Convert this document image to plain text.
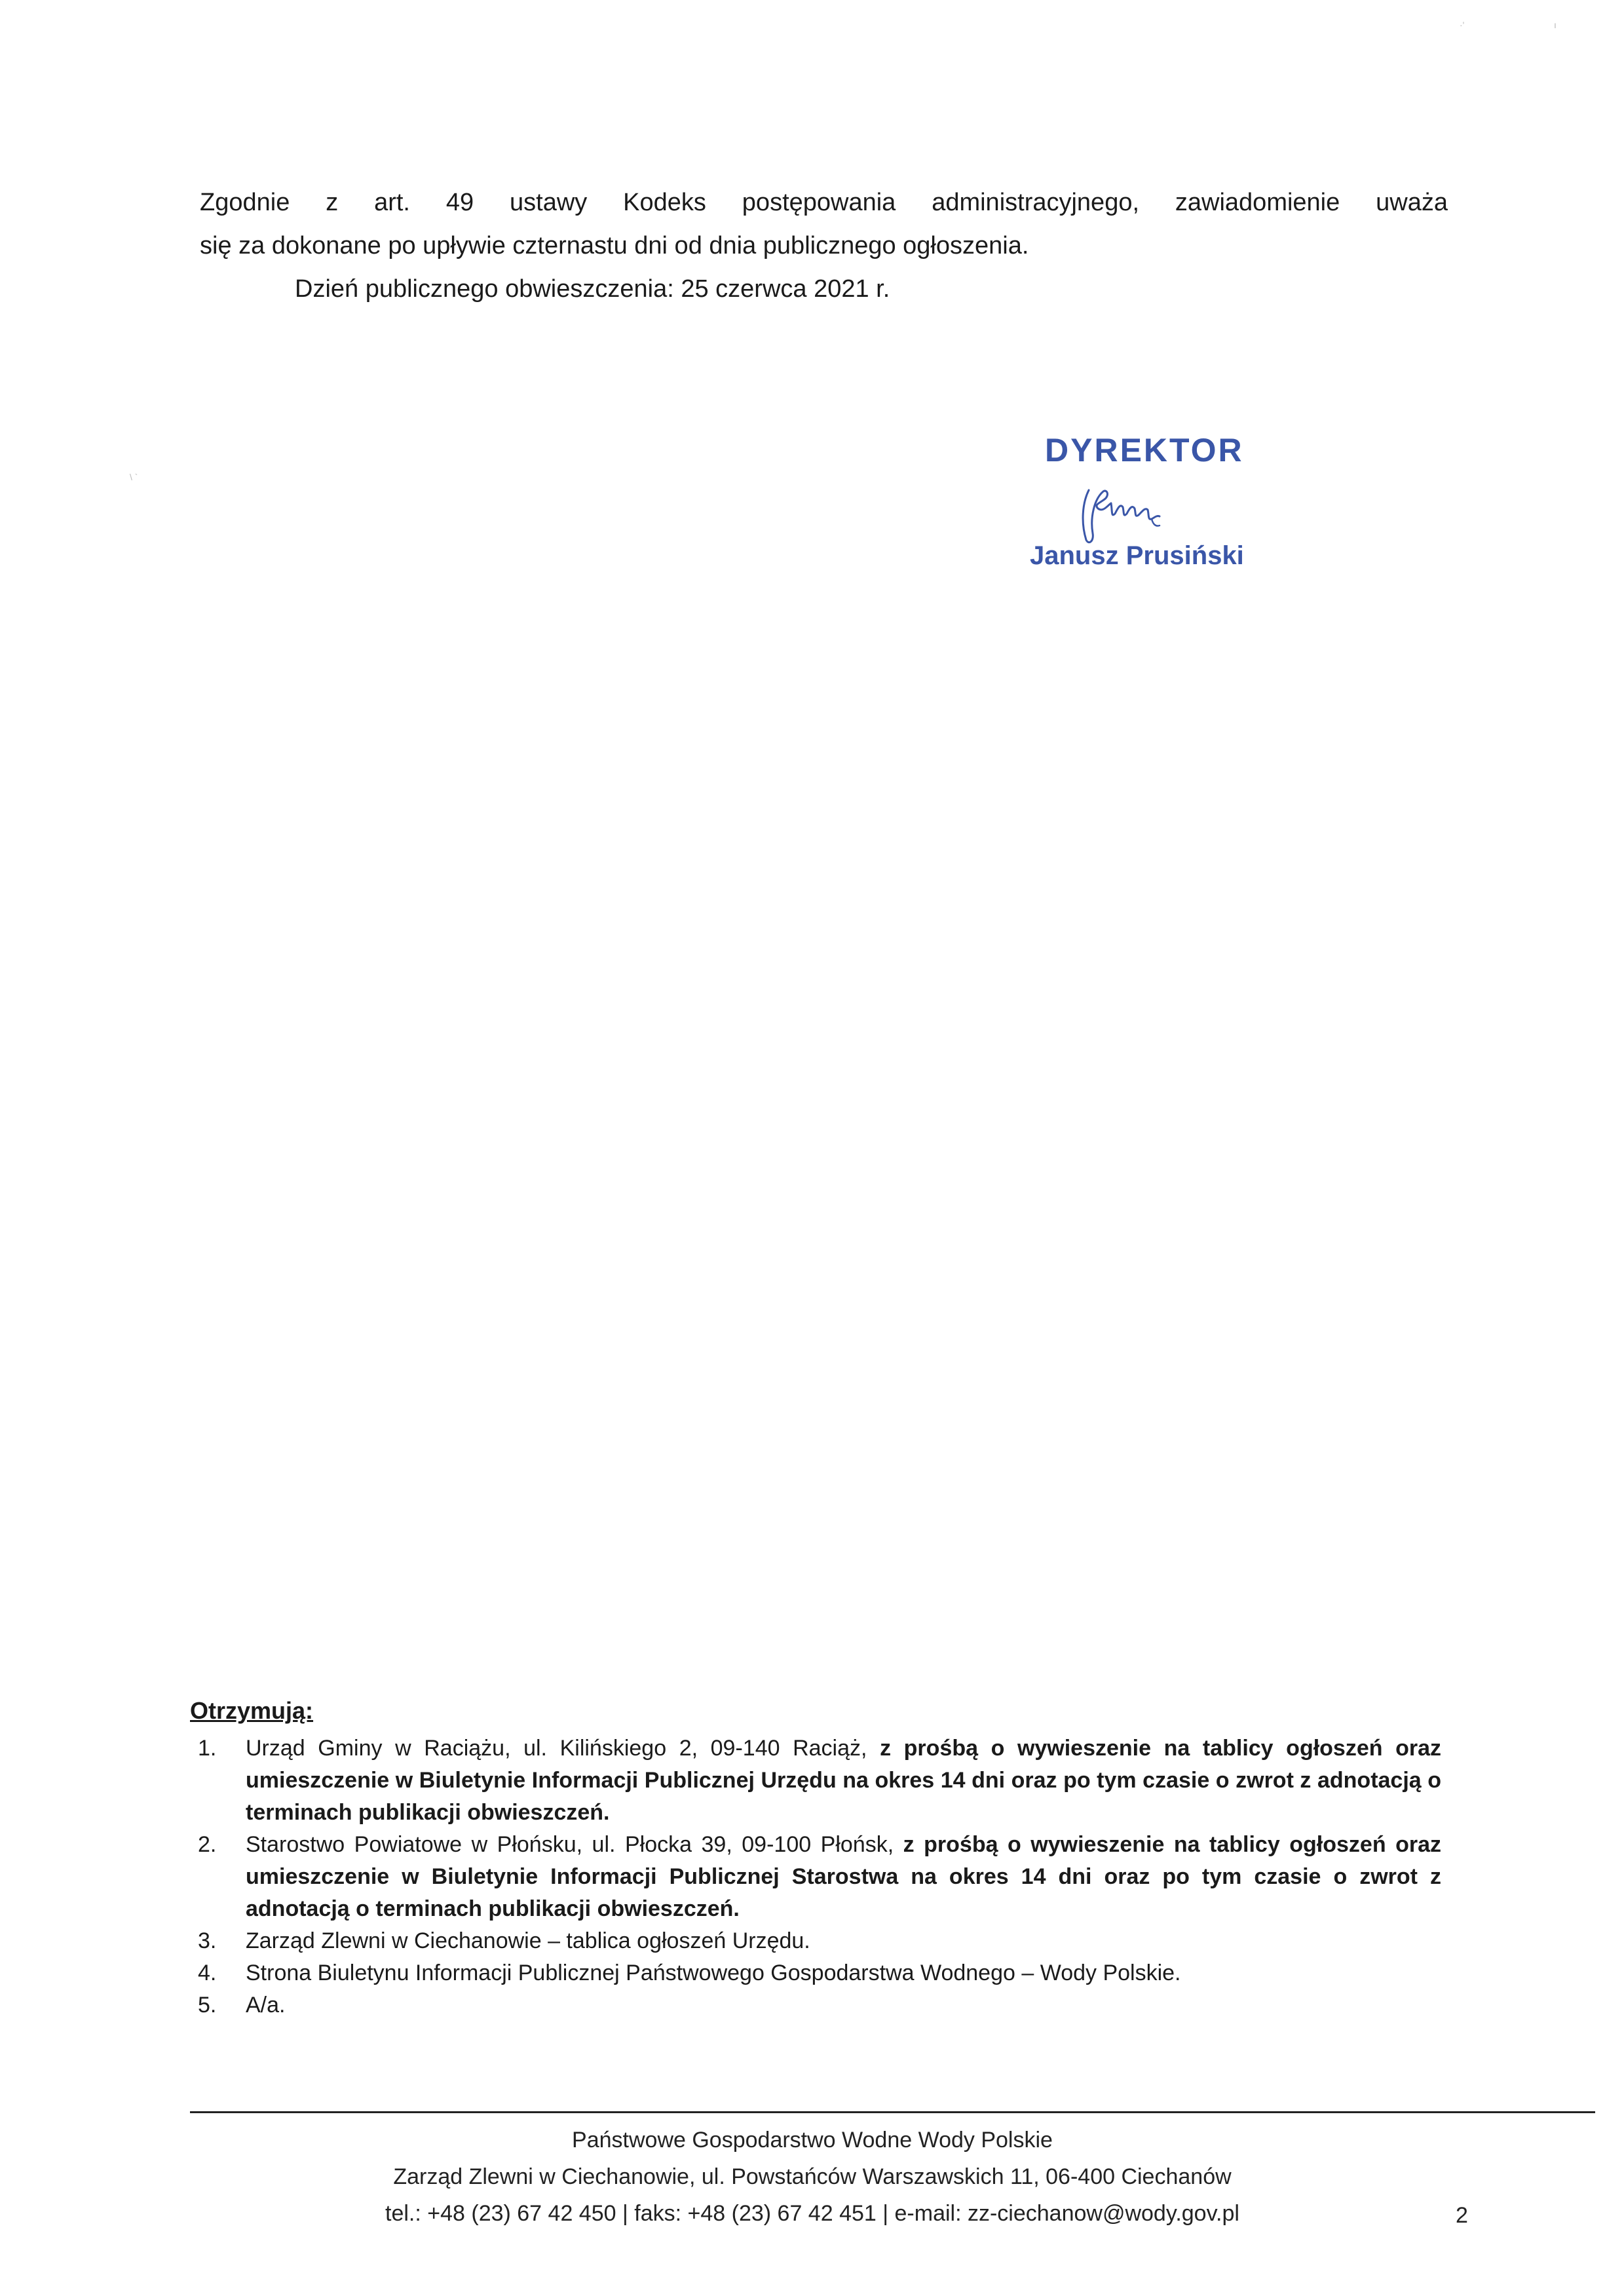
·'	ı
\ `
Zgodnie z art. 49 ustawy Kodeks postępowania administracyjnego, zawiadomienie uważa
się za dokonane po upływie czternastu dni od dnia publicznego ogłoszenia.
Dzień publicznego obwieszczenia: 25 czerwca 2021 r.
DYREKTOR
Janusz Prusiński
Otrzymują:
1.	Urząd Gminy w Raciążu, ul. Kilińskiego 2, 09-140 Raciąż, z prośbą o wywieszenie na tablicy ogłoszeń oraz umieszczenie w Biuletynie Informacji Publicznej Urzędu na okres 14 dni oraz po tym czasie o zwrot z adnotacją o terminach publikacji obwieszczeń.
2.	Starostwo Powiatowe w Płońsku, ul. Płocka 39, 09-100 Płońsk, z prośbą o wywieszenie na tablicy ogłoszeń oraz umieszczenie w Biuletynie Informacji Publicznej Starostwa na okres 14 dni oraz po tym czasie o zwrot z adnotacją o terminach publikacji obwieszczeń.
3.	Zarząd Zlewni w Ciechanowie – tablica ogłoszeń Urzędu.
4.	Strona Biuletynu Informacji Publicznej Państwowego Gospodarstwa Wodnego – Wody Polskie.
5.	A/a.
Państwowe Gospodarstwo Wodne Wody Polskie
Zarząd Zlewni w Ciechanowie, ul. Powstańców Warszawskich 11, 06-400 Ciechanów
tel.: +48 (23) 67 42 450 | faks: +48 (23) 67 42 451 | e-mail: zz-ciechanow@wody.gov.pl	2
